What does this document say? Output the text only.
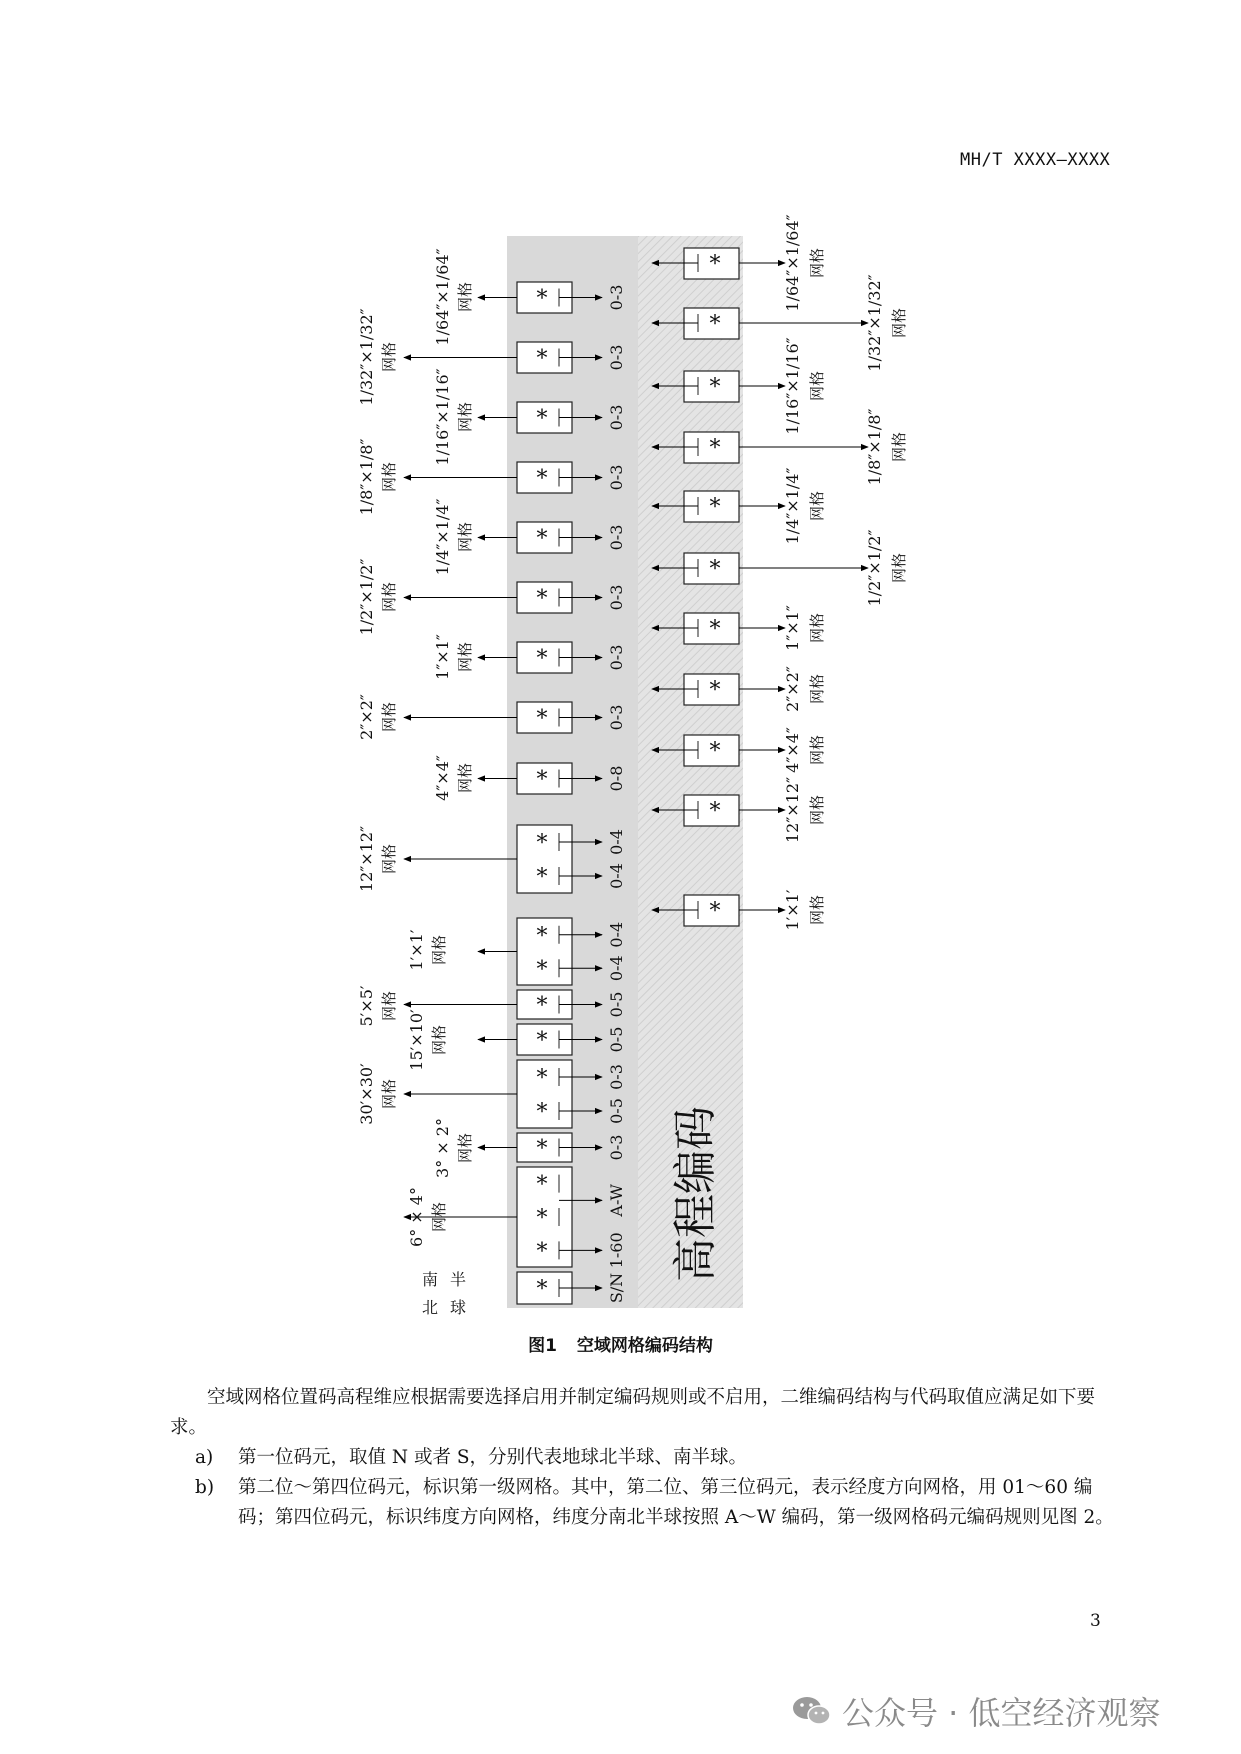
MH/T XXXX—XXXX
*	S/N
南
北
半
球
*
*
*	1-60
A-W
6° × 4° 网格
*	0-3
3° × 2° 网格
*
*	0-5
0-3
30′×30′ 网格
*	0-5
15′×10′ 网格
*	0-5
5′×5′ 网格
*
*	0-4
0-4
1′×1′ 网格
*
*	0-4
0-4
12″×12″ 网格
*	0-8
4″×4″ 网格
*	0-3
2″×2″ 网格
*	0-3
1″×1″ 网格
*	0-3
1/2″×1/2″ 网格
*	0-3
1/4″×1/4″ 网格
*	0-3
1/8″×1/8″ 网格
*	0-3
1/16″×1/16″ 网格
*	0-3
1/32″×1/32″ 网格
*	0-3
1/64″×1/64″ 网格
*	1′×1′ 网格
*	12″×12″ 网格
*	4″×4″ 网格
*	2″×2″ 网格
*	1″×1″ 网格
*	1/2″×1/2″ 网格
*	1/4″×1/4″ 网格
*	1/8″×1/8″ 网格
*	1/16″×1/16″ 网格
*	1/32″×1/32″ 网格
*	1/64″×1/64″ 网格
高程编码
图1 空域网格编码结构
空域网格位置码高程维应根据需要选择启用并制定编码规则或不启用，二维编码结构与代码取值应满足如下要求。
a)	第一位码元，取值 N 或者 S，分别代表地球北半球、南半球。
b)	第二位～第四位码元，标识第一级网格。其中，第二位、第三位码元，表示经度方向网格，用 01～60 编码；第四位码元，标识纬度方向网格，纬度分南北半球按照 A～W 编码，第一级网格码元编码规则见图 2。
3
公众号 · 低空经济观察
